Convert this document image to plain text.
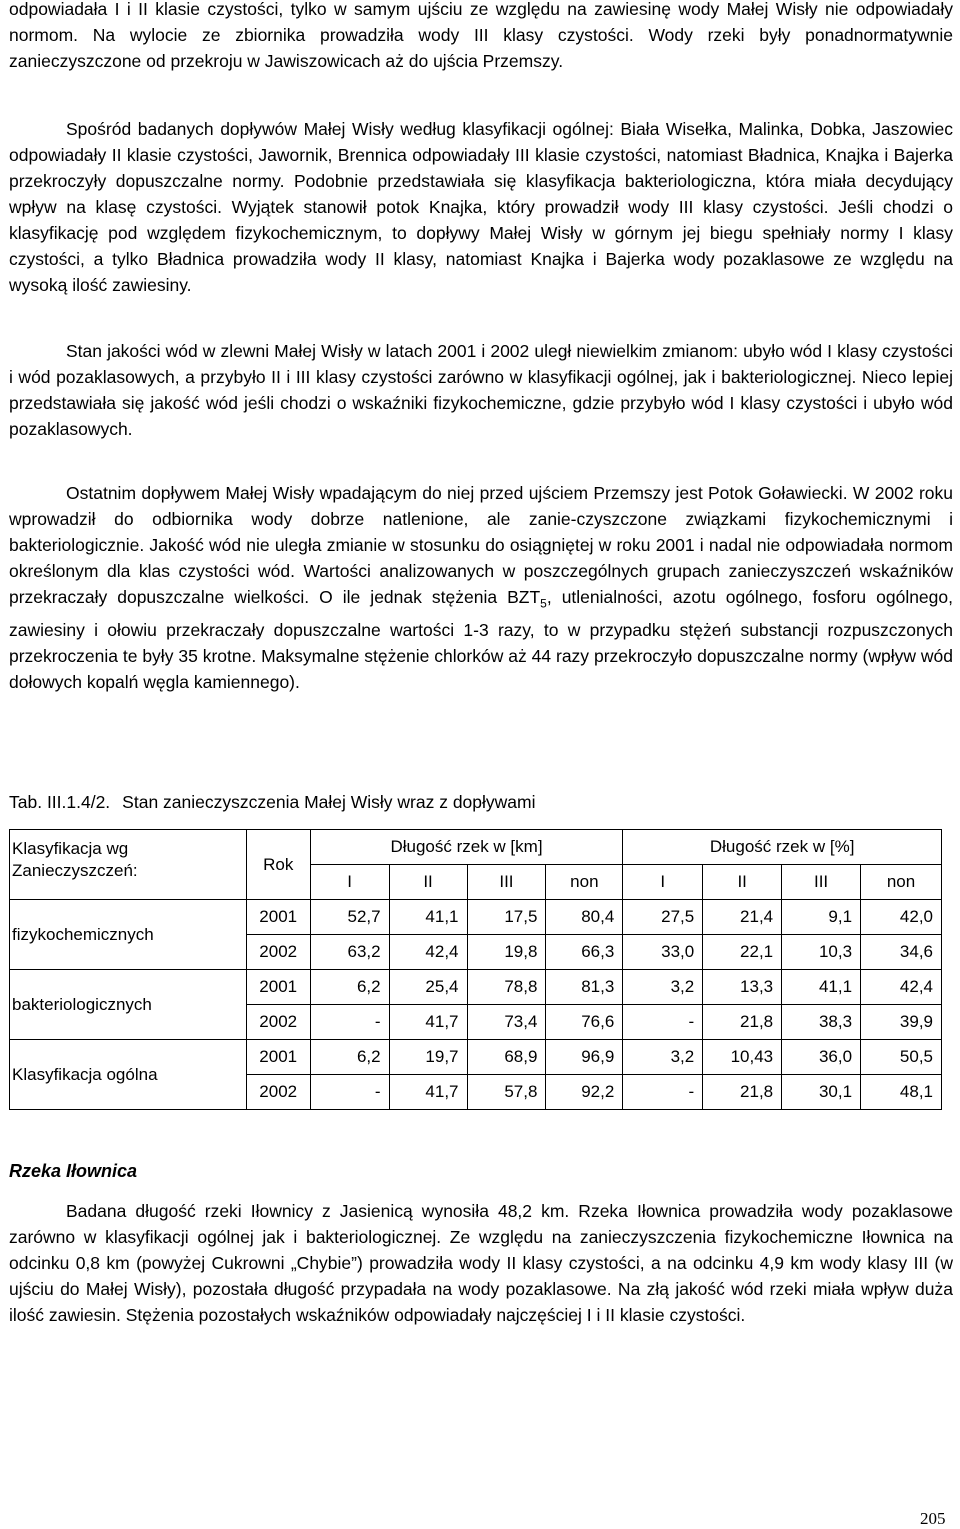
odpowiadała I i II klasie czystości, tylko w samym ujściu ze względu na zawiesinę wody Małej Wisły nie odpowiadały normom. Na wylocie ze zbiornika prowadziła wody III klasy czystości. Wody rzeki były ponadnormatywnie zanieczyszczone od przekroju w Jawiszowicach aż do ujścia Przemszy.

Spośród badanych dopływów Małej Wisły według klasyfikacji ogólnej: Biała Wisełka, Malinka, Dobka, Jaszowiec odpowiadały II klasie czystości, Jawornik, Brennica odpowiadały III klasie czystości, natomiast Bładnica, Knajka i Bajerka przekroczyły dopuszczalne normy. Podobnie przedstawiała się klasyfikacja bakteriologiczna, która miała decydujący wpływ na klasę czystości. Wyjątek stanowił potok Knajka, który prowadził wody III klasy czystości. Jeśli chodzi o klasyfikację pod względem fizykochemicznym, to dopływy Małej Wisły w górnym jej biegu spełniały normy I klasy czystości, a tylko Bładnica prowadziła wody II klasy, natomiast Knajka i Bajerka wody pozaklasowe ze względu na wysoką ilość zawiesiny.

Stan jakości wód w zlewni Małej Wisły w latach 2001 i 2002 uległ niewielkim zmianom: ubyło wód I klasy czystości i wód pozaklasowych, a przybyło II i III klasy czystości zarówno w klasyfikacji ogólnej, jak i bakteriologicznej. Nieco lepiej przedstawiała się jakość wód jeśli chodzi o wskaźniki fizykochemiczne, gdzie przybyło wód I klasy czystości i ubyło wód pozaklasowych.

Ostatnim dopływem Małej Wisły wpadającym do niej przed ujściem Przemszy jest Potok Goławiecki. W 2002 roku wprowadził do odbiornika wody dobrze natlenione, ale zanie-czyszczone związkami fizykochemicznymi i bakteriologicznie. Jakość wód nie uległa zmianie w stosunku do osiągniętej w roku 2001 i nadal nie odpowiadała normom określonym dla klas czystości wód. Wartości analizowanych w poszczególnych grupach zanieczyszczeń wskaźników przekraczały dopuszczalne wielkości. O ile jednak stężenia $BZT_5$, utlenialności, azotu ogólnego, fosforu ogólnego, zawiesiny i ołowiu przekraczały dopuszczalne wartości 1-3 razy, to w przypadku stężeń substancji rozpuszczonych przekroczenia te były 35 krotne. Maksymalne stężenie chlorków aż 44 razy przekroczyło dopuszczalne normy (wpływ wód dołowych kopalń węgla kamiennego).

Tab. III.1.4/2. Stan zanieczyszczenia Małej Wisły wraz z dopływami
Klasyfikacja wg Zanieczyszczeń:	Rok	Długość rzek w [km]				Długość rzek w [%]			
		I	II	III	non	I	II	III	non
fizykochemicznych	2001	52,7	41,1	17,5	80,4	27,5	21,4	9,1	42,0
	2002	63,2	42,4	19,8	66,3	33,0	22,1	10,3	34,6
bakteriologicznych	2001	6,2	25,4	78,8	81,3	3,2	13,3	41,1	42,4
	2002	-	41,7	73,4	76,6	-	21,8	38,3	39,9
Klasyfikacja ogólna	2001	6,2	19,7	68,9	96,9	3,2	10,43	36,0	50,5
	2002	-	41,7	57,8	92,2	-	21,8	30,1	48,1
Rzeka Iłownica

Badana długość rzeki Iłownicy z Jasienicą wynosiła 48,2 km. Rzeka Iłownica prowadziła wody pozaklasowe zarówno w klasyfikacji ogólnej jak i bakteriologicznej. Ze względu na zanieczyszczenia fizykochemiczne Iłownica na odcinku 0,8 km (powyżej Cukrowni „Chybie”) prowadziła wody II klasy czystości, a na odcinku 4,9 km wody klasy III (w ujściu do Małej Wisły), pozostała długość przypadała na wody pozaklasowe. Na złą jakość wód rzeki miała wpływ duża ilość zawiesin. Stężenia pozostałych wskaźników odpowiadały najczęściej I i II klasie czystości.

205
